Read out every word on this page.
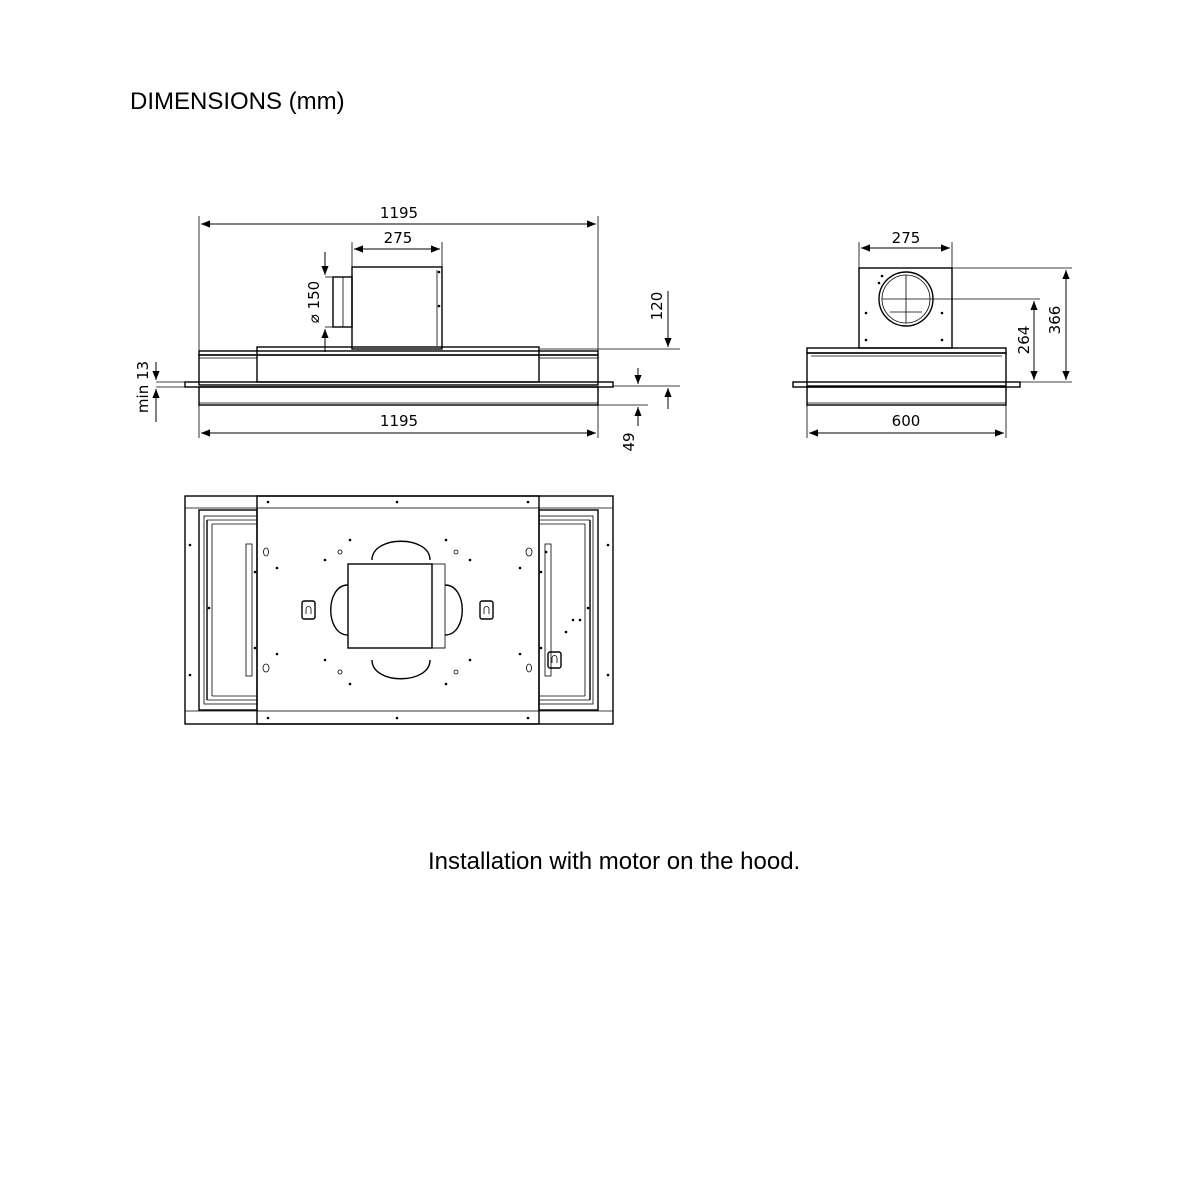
DIMENSIONS (mm)
1195
275
1195
⌀ 150	120
49
min 13
275
600
264
366

Installation with motor on the hood.
